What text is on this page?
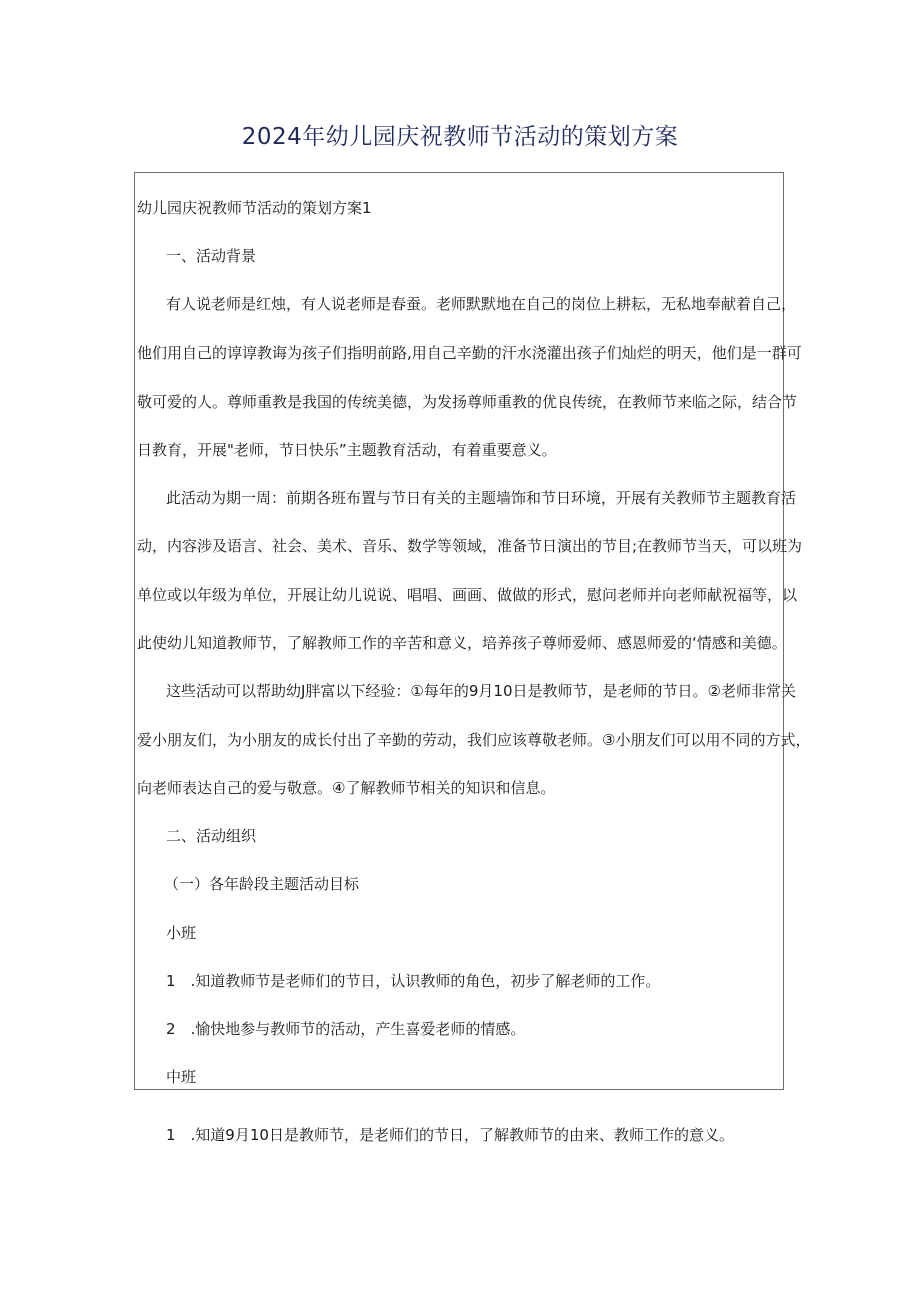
2024年幼儿园庆祝教师节活动的策划方案
幼儿园庆祝教师节活动的策划方案1
一、活动背景
有人说老师是红烛，有人说老师是春蚕。老师默默地在自己的岗位上耕耘，无私地奉献着自己，
他们用自己的谆谆教诲为孩子们指明前路,用自己辛勤的汗水浇灌出孩子们灿烂的明天，他们是一群可
敬可爱的人。尊师重教是我国的传统美德，为发扬尊师重教的优良传统，在教师节来临之际，结合节
日教育，开展"老师，节日快乐”主题教育活动，有着重要意义。
此活动为期一周：前期各班布置与节日有关的主题墙饰和节日环境，开展有关教师节主题教育活
动，内容涉及语言、社会、美术、音乐、数学等领域，准备节日演出的节目;在教师节当天，可以班为
单位或以年级为单位，开展让幼儿说说、唱唱、画画、做做的形式，慰问老师并向老师献祝福等，以
此使幼儿知道教师节，了解教师工作的辛苦和意义，培养孩子尊师爱师、感恩师爱的‘情感和美德。
这些活动可以帮助幼J胖富以下经验：①每年的9月10日是教师节，是老师的节日。②老师非常关
爱小朋友们，为小朋友的成长付出了辛勤的劳动，我们应该尊敬老师。③小朋友们可以用不同的方式，
向老师表达自己的爱与敬意。④了解教师节相关的知识和信息。
二、活动组织
（一）各年龄段主题活动目标
小班
1　.知道教师节是老师们的节日，认识教师的角色，初步了解老师的工作。
2　.愉快地参与教师节的活动，产生喜爱老师的情感。
中班
1　.知道9月10日是教师节，是老师们的节日，了解教师节的由来、教师工作的意义。
